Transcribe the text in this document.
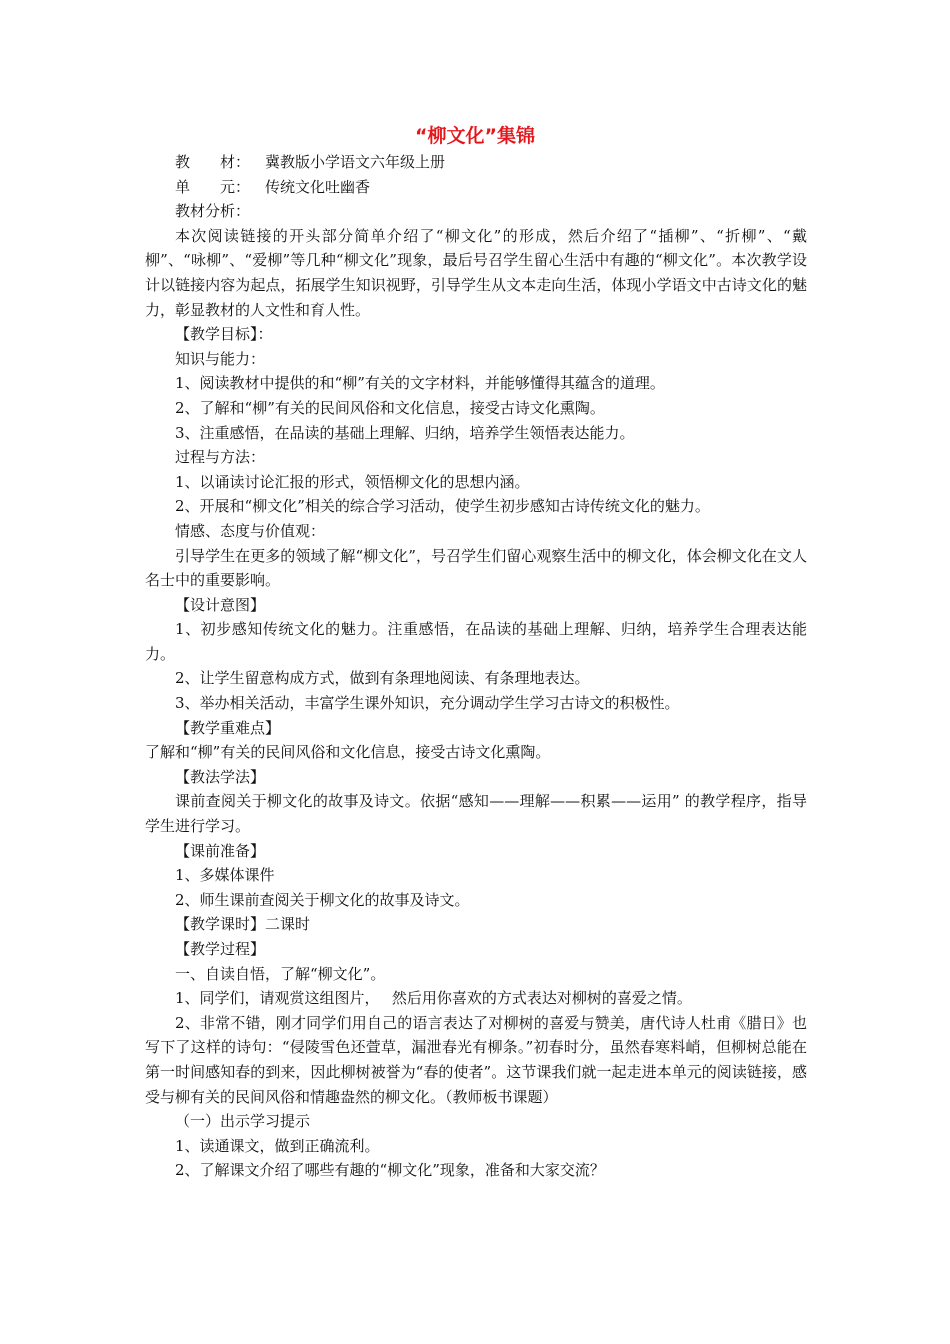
“柳文化”集锦

教　　材： 冀教版小学语文六年级上册

单　　元： 传统文化吐幽香

教材分析：

本次阅读链接的开头部分简单介绍了“柳文化”的形成，然后介绍了“插柳”、“折柳”、“戴柳”、“咏柳”、“爱柳”等几种“柳文化”现象，最后号召学生留心生活中有趣的“柳文化”。本次教学设计以链接内容为起点，拓展学生知识视野，引导学生从文本走向生活，体现小学语文中古诗文化的魅力，彰显教材的人文性和育人性。

【教学目标】：

知识与能力：

1、阅读教材中提供的和“柳”有关的文字材料，并能够懂得其蕴含的道理。

2、了解和“柳”有关的民间风俗和文化信息，接受古诗文化熏陶。

3、注重感悟，在品读的基础上理解、归纳，培养学生领悟表达能力。

过程与方法：

1、以诵读讨论汇报的形式，领悟柳文化的思想内涵。

2、开展和“柳文化”相关的综合学习活动，使学生初步感知古诗传统文化的魅力。

情感、态度与价值观：

引导学生在更多的领域了解“柳文化”，号召学生们留心观察生活中的柳文化，体会柳文化在文人名士中的重要影响。

【设计意图】

1、初步感知传统文化的魅力。注重感悟，在品读的基础上理解、归纳，培养学生合理表达能力。

2、让学生留意构成方式，做到有条理地阅读、有条理地表达。

3、举办相关活动，丰富学生课外知识，充分调动学生学习古诗文的积极性。

【教学重难点】

了解和“柳”有关的民间风俗和文化信息，接受古诗文化熏陶。

【教法学法】

课前查阅关于柳文化的故事及诗文。依据“感知——理解——积累——运用” 的教学程序，指导学生进行学习。

【课前准备】

1、多媒体课件

2、师生课前查阅关于柳文化的故事及诗文。

【教学课时】二课时

【教学过程】

一、自读自悟，了解“柳文化”。

1、同学们，请观赏这组图片，　 然后用你喜欢的方式表达对柳树的喜爱之情。

2、非常不错，刚才同学们用自己的语言表达了对柳树的喜爱与赞美，唐代诗人杜甫《腊日》也写下了这样的诗句：“侵陵雪色还萱草，漏泄春光有柳条。”初春时分，虽然春寒料峭，但柳树总能在第一时间感知春的到来，因此柳树被誉为“春的使者”。这节课我们就一起走进本单元的阅读链接，感受与柳有关的民间风俗和情趣盎然的柳文化。（教师板书课题）

（一）出示学习提示

1、读通课文，做到正确流利。

2、了解课文介绍了哪些有趣的“柳文化”现象，准备和大家交流？
